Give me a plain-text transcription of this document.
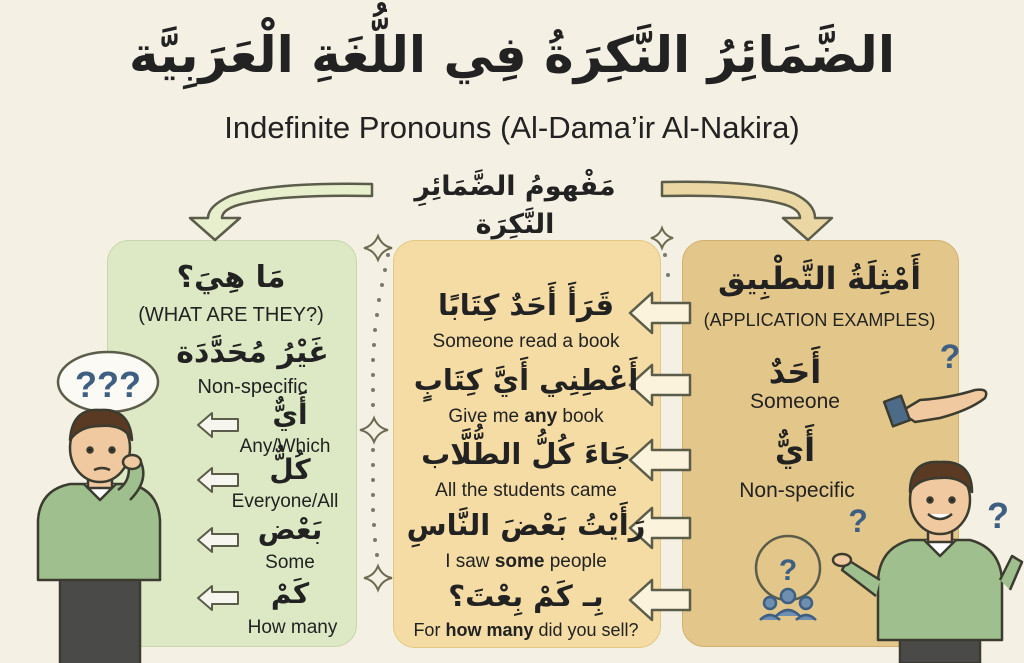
الضَّمَائِرُ النَّكِرَةُ فِي اللُّغَةِ الْعَرَبِيَّة
Indefinite Pronouns (Al-Dama’ir Al-Nakira)
???
?
?
?	?
مَفْهومُ الضَّمَائِرِ النَّكِرَة
مَا هِيَ؟
(WHAT ARE THEY?)
غَيْرُ مُحَدَّدَة
Non-specific
أَيٌّ
Any/Which
كُلٌّ
Everyone/All
بَعْض
Some
كَمْ
How many
قَرَأَ أَحَدٌ كِتَابًا
Someone read a book
أَعْطِنِي أَيَّ كِتَابٍ
Give me any book
جَاءَ كُلُّ الطُّلَّاب
All the students came
رَأَيْتُ بَعْضَ النَّاسِ
I saw some people
بِـ كَمْ بِعْتَ؟
For how many did you sell?
أَمْثِلَةُ التَّطْبِيق
(APPLICATION EXAMPLES)
أَحَدٌ
Someone
أَيٌّ
Non-specific
